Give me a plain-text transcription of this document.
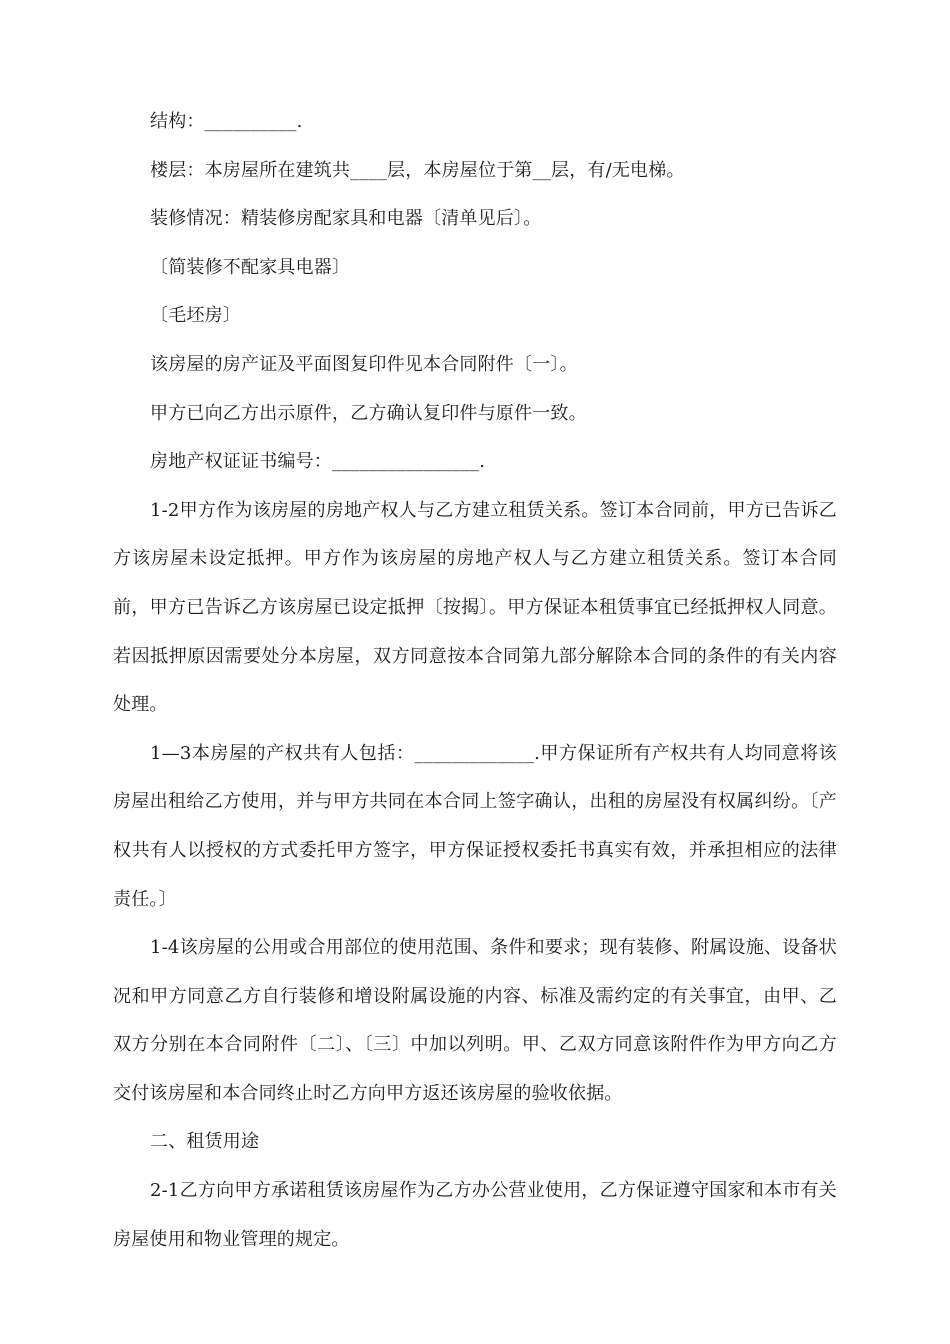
结构：__________.

楼层：本房屋所在建筑共____层，本房屋位于第__层，有/无电梯。

装修情况：精装修房配家具和电器〔清单见后〕。

〔简装修不配家具电器〕

〔毛坯房〕

该房屋的房产证及平面图复印件见本合同附件〔一〕。

甲方已向乙方出示原件，乙方确认复印件与原件一致。

房地产权证证书编号：________________.

1-2甲方作为该房屋的房地产权人与乙方建立租赁关系。签订本合同前，甲方已告诉乙方该房屋未设定抵押。甲方作为该房屋的房地产权人与乙方建立租赁关系。签订本合同前，甲方已告诉乙方该房屋已设定抵押〔按揭〕。甲方保证本租赁事宜已经抵押权人同意。若因抵押原因需要处分本房屋，双方同意按本合同第九部分解除本合同的条件的有关内容处理。

1—3本房屋的产权共有人包括：_____________.甲方保证所有产权共有人均同意将该房屋出租给乙方使用，并与甲方共同在本合同上签字确认，出租的房屋没有权属纠纷。〔产权共有人以授权的方式委托甲方签字，甲方保证授权委托书真实有效，并承担相应的法律责任。〕

1-4该房屋的公用或合用部位的使用范围、条件和要求；现有装修、附属设施、设备状况和甲方同意乙方自行装修和增设附属设施的内容、标准及需约定的有关事宜，由甲、乙双方分别在本合同附件〔二〕、〔三〕中加以列明。甲、乙双方同意该附件作为甲方向乙方交付该房屋和本合同终止时乙方向甲方返还该房屋的验收依据。

二、租赁用途

2-1乙方向甲方承诺租赁该房屋作为乙方办公营业使用，乙方保证遵守国家和本市有关房屋使用和物业管理的规定。
